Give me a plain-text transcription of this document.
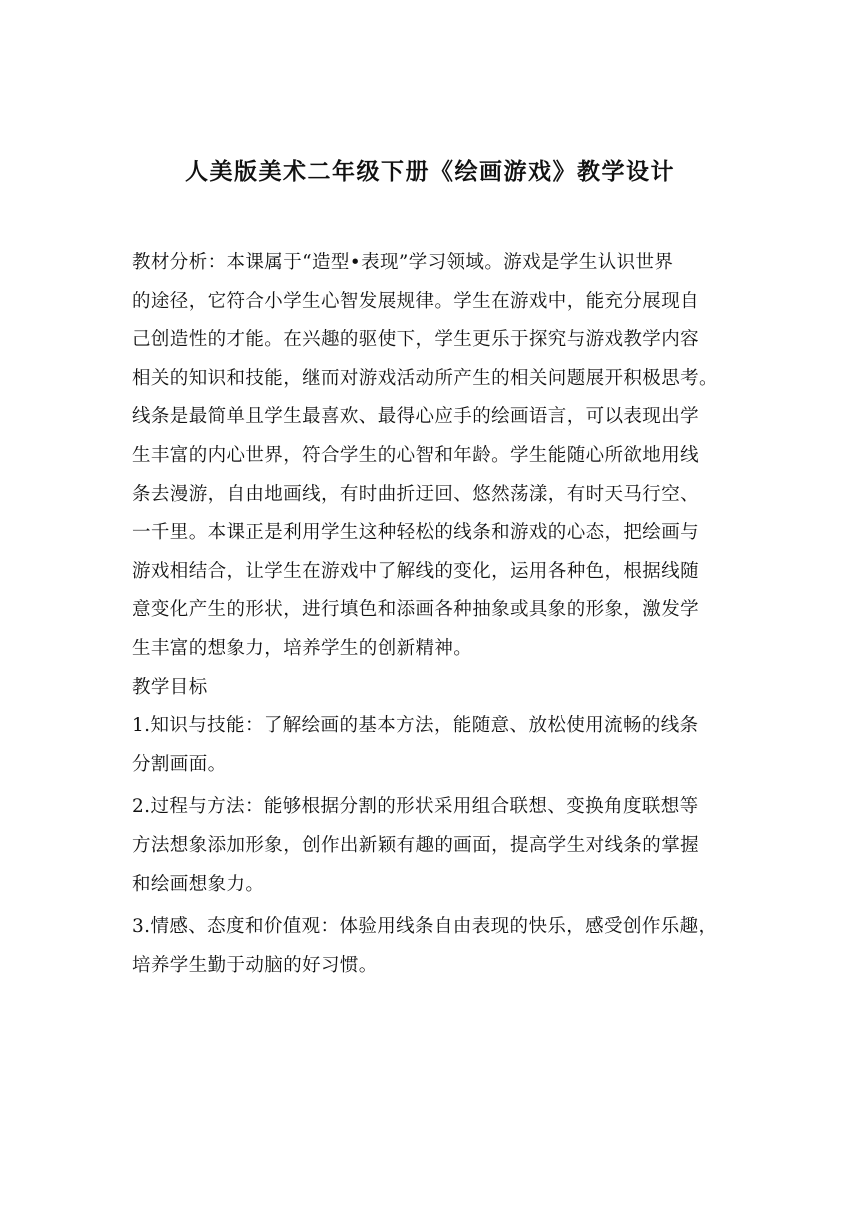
人美版美术二年级下册《绘画游戏》教学设计
教材分析：本课属于“造型•表现”学习领域。游戏是学生认识世界
的途径，它符合小学生心智发展规律。学生在游戏中，能充分展现自
己创造性的才能。在兴趣的驱使下，学生更乐于探究与游戏教学内容
相关的知识和技能，继而对游戏活动所产生的相关问题展开积极思考。
线条是最简单且学生最喜欢、最得心应手的绘画语言，可以表现出学
生丰富的内心世界，符合学生的心智和年龄。学生能随心所欲地用线
条去漫游，自由地画线，有时曲折迂回、悠然荡漾，有时天马行空、
一千里。本课正是利用学生这种轻松的线条和游戏的心态，把绘画与
游戏相结合，让学生在游戏中了解线的变化，运用各种色，根据线随
意变化产生的形状，进行填色和添画各种抽象或具象的形象，激发学
生丰富的想象力，培养学生的创新精神。
教学目标
1.知识与技能：了解绘画的基本方法，能随意、放松使用流畅的线条
分割画面。
2.过程与方法：能够根据分割的形状采用组合联想、变换角度联想等
方法想象添加形象，创作出新颖有趣的画面，提高学生对线条的掌握
和绘画想象力。
3.情感、态度和价值观：体验用线条自由表现的快乐，感受创作乐趣，
培养学生勤于动脑的好习惯。
